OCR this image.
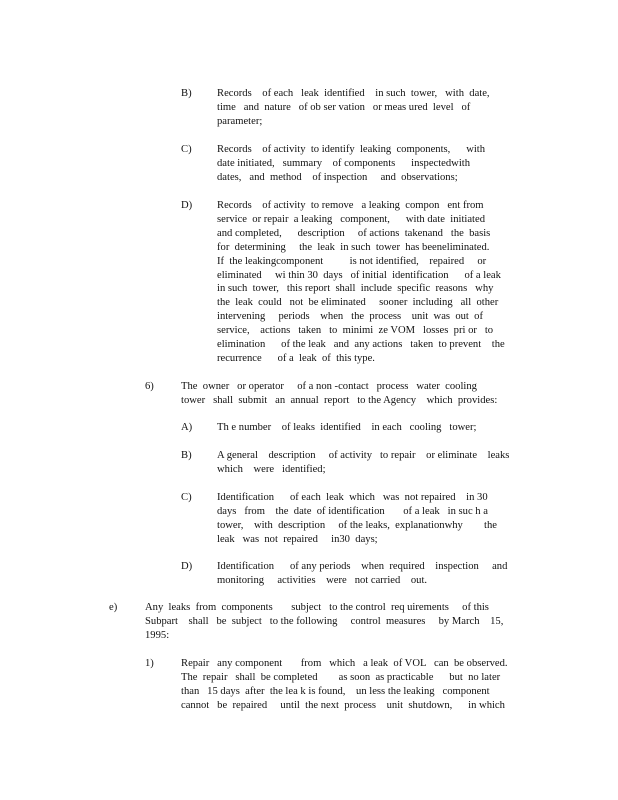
B) Records    of each   leak  identified    in such  tower,   with  date,
time   and  nature   of ob ser vation   or meas ured  level   of
parameter;
C) Records    of activity  to identify  leaking  components,      with
date initiated,   summary    of components      inspectedwith
dates,   and  method    of inspection     and  observations;
D) Records    of activity  to remove   a leaking  compon   ent from
service  or repair  a leaking   component,      with date  initiated
and completed,      description     of actions  takenand   the  basis
for  determining     the  leak  in such  tower  has beeneliminated.
If  the leakingcomponent          is not identified,    repaired     or
eliminated     wi thin 30  days   of initial  identification      of a leak
in such  tower,   this report  shall  include  specific  reasons   why
the  leak  could   not  be eliminated     sooner  including   all  other
intervening     periods    when   the  process    unit  was  out  of
service,    actions   taken   to  minimi  ze VOM   losses  pri or   to
elimination      of the leak   and  any actions   taken  to prevent    the
recurrence      of a  leak  of  this type.
6)	The  owner   or operator     of a non -contact   process   water  cooling
tower   shall  submit   an  annual  report   to the Agency    which  provides:
A) Th e number    of leaks  identified    in each   cooling   tower;
B) A general    description     of activity   to repair    or eliminate    leaks
which    were   identified;
C) Identification      of each  leak  which   was  not repaired    in 30
days   from    the  date  of identification       of a leak   in suc h a
tower,    with  description     of the leaks,  explanationwhy        the
leak   was  not  repaired     in30  days;
D) Identification      of any periods    when  required    inspection     and
monitoring     activities    were   not carried    out.
e)	Any  leaks  from  components       subject   to the control  req uirements     of this
Subpart    shall   be  subject   to the following     control  measures     by March    15,
1995:
1)	Repair   any component       from   which   a leak  of VOL   can  be observed.
The  repair   shall  be completed        as soon  as practicable      but  no later
than   15 days  after  the lea k is found,    un less the leaking   component
cannot   be  repaired     until  the next  process    unit  shutdown,      in which
